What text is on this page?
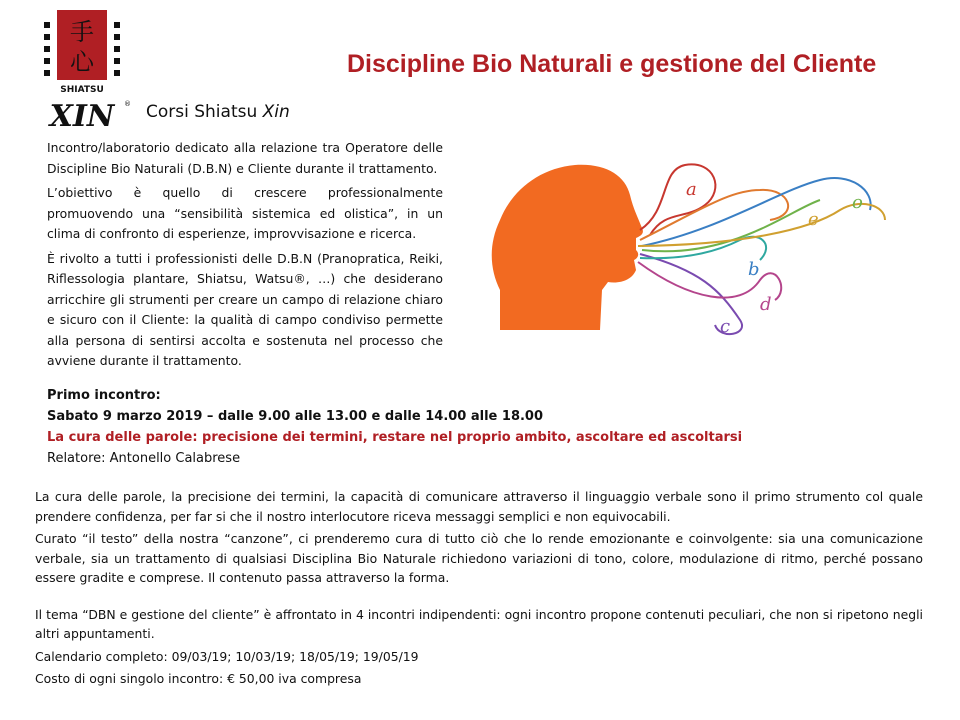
手
心
SHIATSU
XIN ®
Discipline Bio Naturali e gestione del Cliente
Corsi Shiatsu Xin

Incontro/laboratorio dedicato alla relazione tra Operatore delle Discipline Bio Naturali (D.B.N) e Cliente durante il trattamento.

L’obiettivo è quello di crescere professionalmente promuovendo una “sensibilità sistemica ed olistica”, in un clima di confronto di esperienze, improvvisazione e ricerca.

È rivolto a tutti i professionisti delle D.B.N (Pranopratica, Reiki, Riflessologia plantare, Shiatsu, Watsu®, …) che desiderano arricchire gli strumenti per creare un campo di relazione chiaro e sicuro con il Cliente: la qualità di campo condiviso permette alla persona di sentirsi accolta e sostenuta nel processo che avviene durante il trattamento.

a
b
c
d
e
o
Primo incontro:
Sabato 9 marzo 2019 – dalle 9.00 alle 13.00 e dalle 14.00 alle 18.00
La cura delle parole: precisione dei termini, restare nel proprio ambito, ascoltare ed ascoltarsi
Relatore: Antonello Calabrese

La cura delle parole, la precisione dei termini, la capacità di comunicare attraverso il linguaggio verbale sono il primo strumento col quale prendere confidenza, per far si che il nostro interlocutore riceva messaggi semplici e non equivocabili.

Curato “il testo” della nostra “canzone”, ci prenderemo cura di tutto ciò che lo rende emozionante e coinvolgente: sia una comunicazione verbale, sia un trattamento di qualsiasi Disciplina Bio Naturale richiedono variazioni di tono, colore, modulazione di ritmo, perché possano essere gradite e comprese. Il contenuto passa attraverso la forma.

Il tema “DBN e gestione del cliente” è affrontato in 4 incontri indipendenti: ogni incontro propone contenuti peculiari, che non si ripetono negli altri appuntamenti.

Calendario completo: 09/03/19; 10/03/19; 18/05/19; 19/05/19

Costo di ogni singolo incontro: € 50,00 iva compresa
